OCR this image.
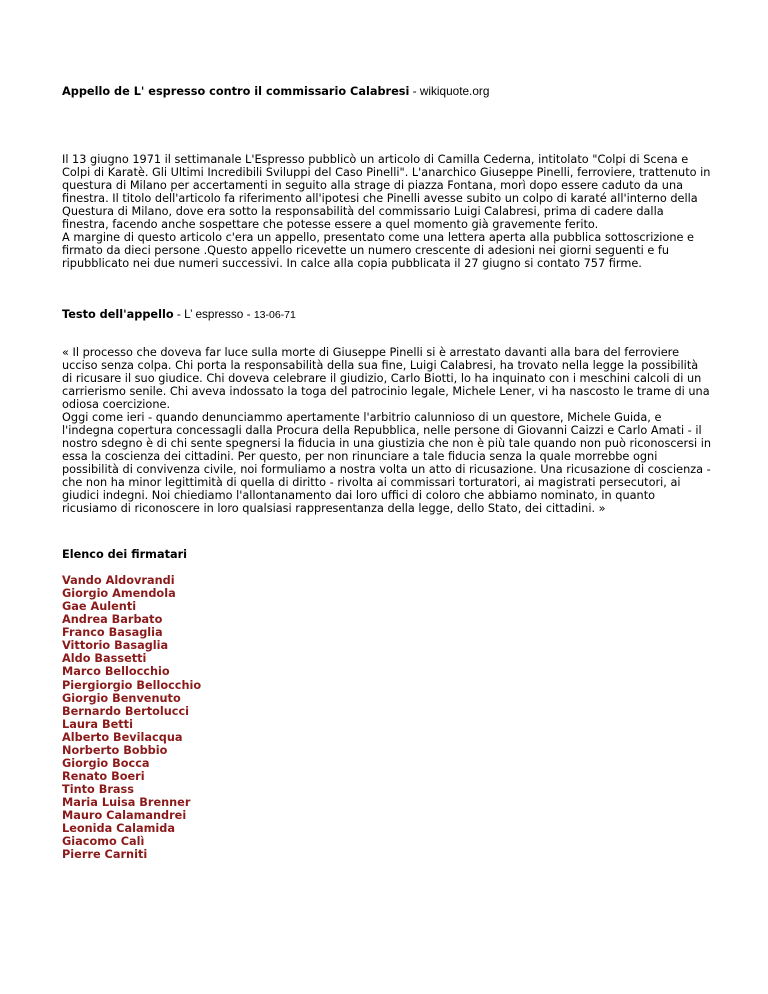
Appello de L' espresso contro il commissario Calabresi - wikiquote.org

Il 13 giugno 1971 il settimanale L'Espresso pubblicò un articolo di Camilla Cederna, intitolato "Colpi di Scena e Colpi di Karatè. Gli Ultimi Incredibili Sviluppi del Caso Pinelli". L'anarchico Giuseppe Pinelli, ferroviere, trattenuto in questura di Milano per accertamenti in seguito alla strage di piazza Fontana, morì dopo essere caduto da una finestra. Il titolo dell'articolo fa riferimento all'ipotesi che Pinelli avesse subito un colpo di karaté all'interno della Questura di Milano, dove era sotto la responsabilità del commissario Luigi Calabresi, prima di cadere dalla finestra, facendo anche sospettare che potesse essere a quel momento già gravemente ferito.

A margine di questo articolo c'era un appello, presentato come una lettera aperta alla pubblica sottoscrizione e firmato da dieci persone .Questo appello ricevette un numero crescente di adesioni nei giorni seguenti e fu ripubblicato nei due numeri successivi. In calce alla copia pubblicata il 27 giugno si contato 757 firme.

Testo dell'appello - L’ espresso - 13-06-71

« Il processo che doveva far luce sulla morte di Giuseppe Pinelli si è arrestato davanti alla bara del ferroviere ucciso senza colpa. Chi porta la responsabilità della sua fine, Luigi Calabresi, ha trovato nella legge la possibilità di ricusare il suo giudice. Chi doveva celebrare il giudizio, Carlo Biotti, lo ha inquinato con i meschini calcoli di un carrierismo senile. Chi aveva indossato la toga del patrocinio legale, Michele Lener, vi ha nascosto le trame di una odiosa coercizione.

Oggi come ieri - quando denunciammo apertamente l'arbitrio calunnioso di un questore, Michele Guida, e l'indegna copertura concessagli dalla Procura della Repubblica, nelle persone di Giovanni Caizzi e Carlo Amati - il nostro sdegno è di chi sente spegnersi la fiducia in una giustizia che non è più tale quando non può riconoscersi in essa la coscienza dei cittadini. Per questo, per non rinunciare a tale fiducia senza la quale morrebbe ogni possibilità di convivenza civile, noi formuliamo a nostra volta un atto di ricusazione. Una ricusazione di coscienza - che non ha minor legittimità di quella di diritto - rivolta ai commissari torturatori, ai magistrati persecutori, ai giudici indegni. Noi chiediamo l'allontanamento dai loro uffici di coloro che abbiamo nominato, in quanto ricusiamo di riconoscere in loro qualsiasi rappresentanza della legge, dello Stato, dei cittadini. »

Elenco dei firmatari
Vando Aldovrandi
Giorgio Amendola
Gae Aulenti
Andrea Barbato
Franco Basaglia
Vittorio Basaglia
Aldo Bassetti
Marco Bellocchio
Piergiorgio Bellocchio
Giorgio Benvenuto
Bernardo Bertolucci
Laura Betti
Alberto Bevilacqua
Norberto Bobbio
Giorgio Bocca
Renato Boeri
Tinto Brass
Maria Luisa Brenner
Mauro Calamandrei
Leonida Calamida
Giacomo Calì
Pierre Carniti
